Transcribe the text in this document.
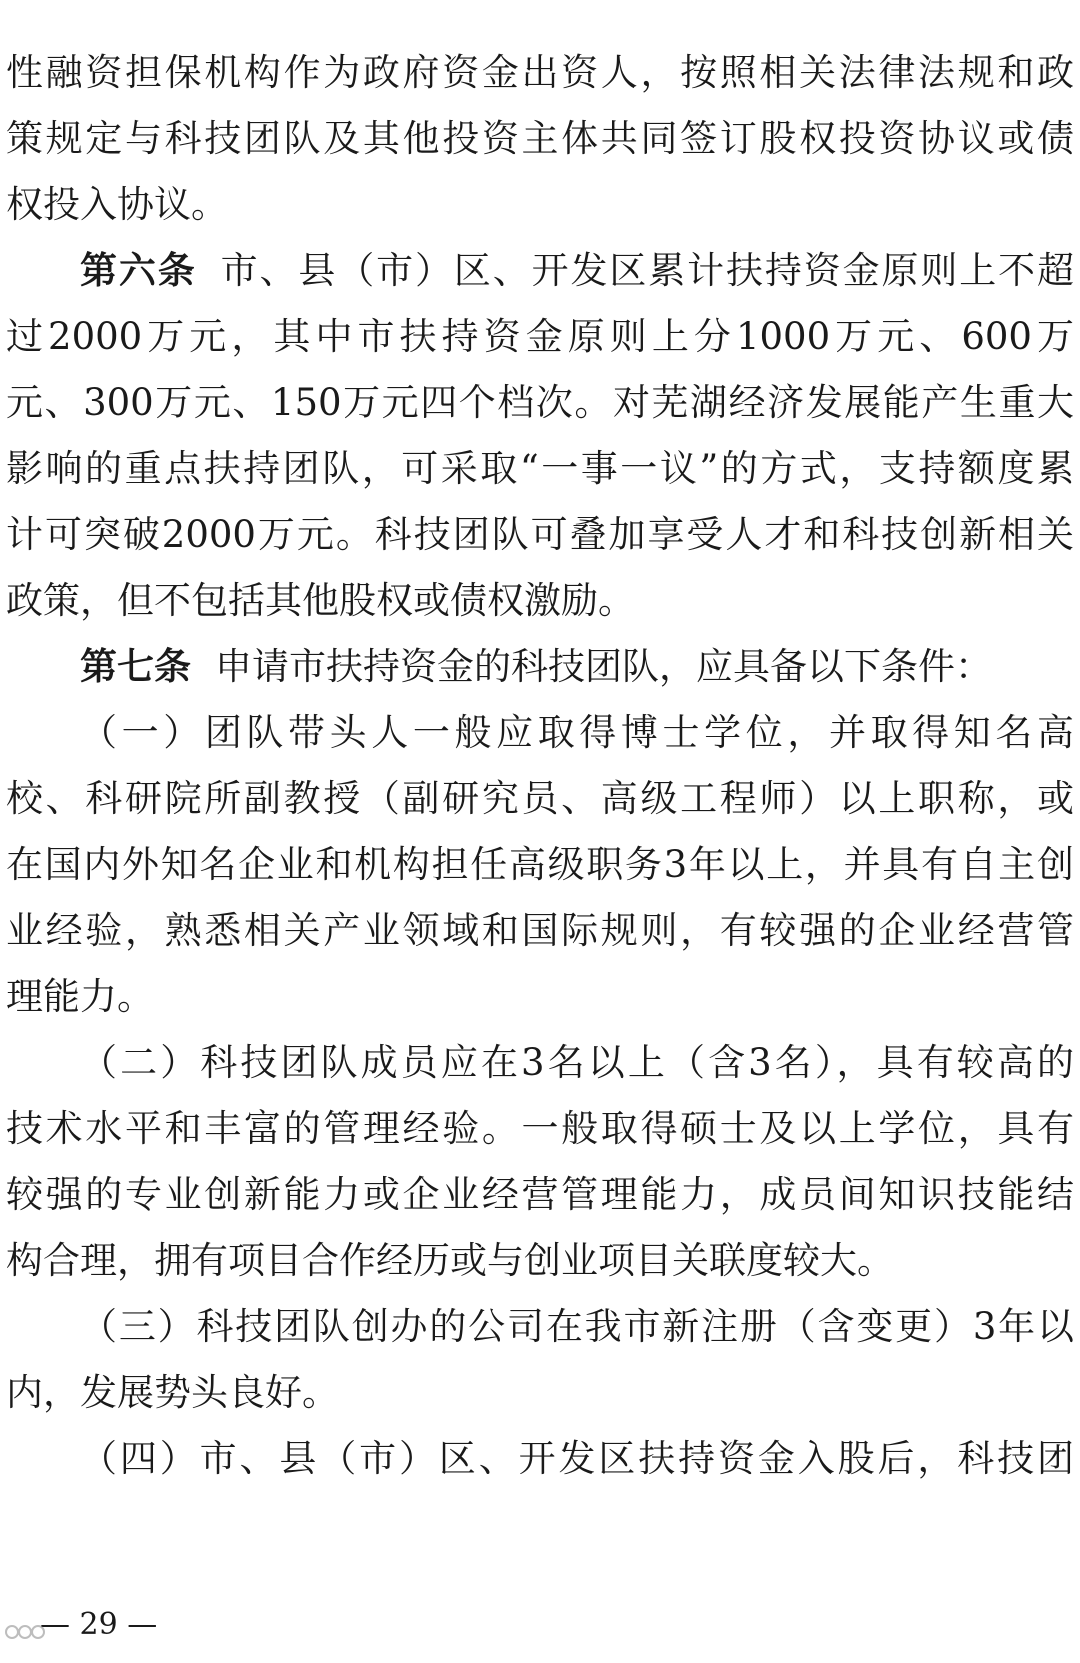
性融资担保机构作为政府资金出资人，按照相关法律法规和政
策规定与科技团队及其他投资主体共同签订股权投资协议或债
权投入协议。
第六条 市、县（市）区、开发区累计扶持资金原则上不超
过2000万元，其中市扶持资金原则上分1000万元、600万
元、300万元、150万元四个档次。对芜湖经济发展能产生重大
影响的重点扶持团队，可采取“一事一议”的方式，支持额度累
计可突破2000万元。科技团队可叠加享受人才和科技创新相关
政策，但不包括其他股权或债权激励。
第七条 申请市扶持资金的科技团队，应具备以下条件：
（一）团队带头人一般应取得博士学位，并取得知名高
校、科研院所副教授（副研究员、高级工程师）以上职称，或
在国内外知名企业和机构担任高级职务3年以上，并具有自主创
业经验，熟悉相关产业领域和国际规则，有较强的企业经营管
理能力。
（二）科技团队成员应在3名以上（含3名），具有较高的
技术水平和丰富的管理经验。一般取得硕士及以上学位，具有
较强的专业创新能力或企业经营管理能力，成员间知识技能结
构合理，拥有项目合作经历或与创业项目关联度较大。
（三）科技团队创办的公司在我市新注册（含变更）3年以
内，发展势头良好。
（四）市、县（市）区、开发区扶持资金入股后，科技团
— 29 —
